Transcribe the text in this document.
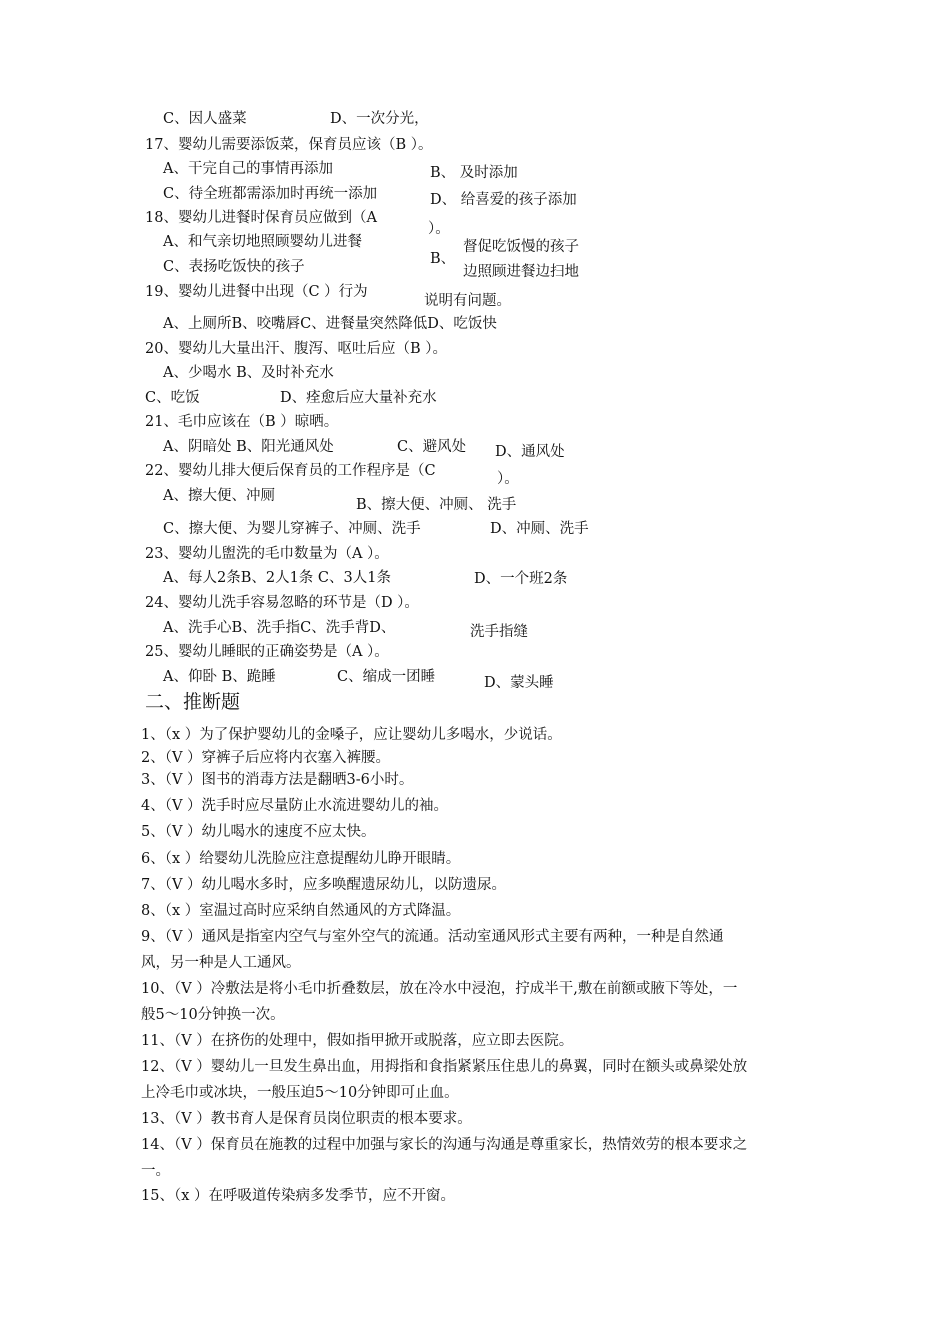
C、因人盛菜	D、一次分光，
17、婴幼儿需要添饭菜，保育员应该（B ）。
A、干完自己的事情再添加	B、 及时添加
C、待全班都需添加时再统一添加	D、 给喜爱的孩子添加
18、婴幼儿进餐时保育员应做到（A
）。
A、和气亲切地照顾婴幼儿进餐
B、
督促吃饭慢的孩子
C、表扬吃饭快的孩子	边照顾进餐边扫地
19、婴幼儿进餐中出现（C ）行为
说明有问题。
A、上厕所B、咬嘴唇C、进餐量突然降低D、吃饭快
20、婴幼儿大量出汗、腹泻、呕吐后应（B ）。
A、少喝水 B、及时补充水
C、吃饭	D、痊愈后应大量补充水
21、毛巾应该在（B ）晾晒。
A、阴暗处 B、阳光通风处	C、避风处 D、通风处
22、婴幼儿排大便后保育员的工作程序是（C	）。
A、擦大便、冲厕
B、擦大便、冲厕、 洗手
C、擦大便、为婴儿穿裤子、冲厕、洗手	D、冲厕、洗手
23、婴幼儿盥洗的毛巾数量为（A ）。
A、每人2条B、2人1条 C、3人1条	D、一个班2条
24、婴幼儿洗手容易忽略的环节是（D ）。
A、洗手心B、洗手指C、洗手背D、	洗手指缝
25、婴幼儿睡眠的正确姿势是（A ）。
A、仰卧 B、跪睡	C、缩成一团睡	D、蒙头睡
二、推断题
1、（x ）为了保护婴幼儿的金嗓子，应让婴幼儿多喝水，少说话。
2、（V ）穿裤子后应将内衣塞入裤腰。
3、（V ）图书的消毒方法是翻晒3-6小时。
4、（V ）洗手时应尽量防止水流进婴幼儿的袖。
5、（V ）幼儿喝水的速度不应太快。
6、（x ）给婴幼儿洗脸应注意提醒幼儿睁开眼睛。
7、（V ）幼儿喝水多时，应多唤醒遗尿幼儿，以防遗尿。
8、（x ）室温过高时应采纳自然通风的方式降温。
9、（V ）通风是指室内空气与室外空气的流通。活动室通风形式主要有两种，一种是自然通
风，另一种是人工通风。
10、（V ）冷敷法是将小毛巾折叠数层，放在冷水中浸泡，拧成半干,敷在前额或腋下等处，一
般5〜10分钟换一次。
11、（V ）在挤伤的处理中，假如指甲掀开或脱落，应立即去医院。
12、（V ）婴幼儿一旦发生鼻出血，用拇指和食指紧紧压住患儿的鼻翼，同时在额头或鼻梁处放
上冷毛巾或冰块，一般压迫5〜10分钟即可止血。
13、（V ）教书育人是保育员岗位职责的根本要求。
14、（V ）保育员在施教的过程中加强与家长的沟通与沟通是尊重家长，热情效劳的根本要求之
一。
15、（x ）在呼吸道传染病多发季节，应不开窗。
